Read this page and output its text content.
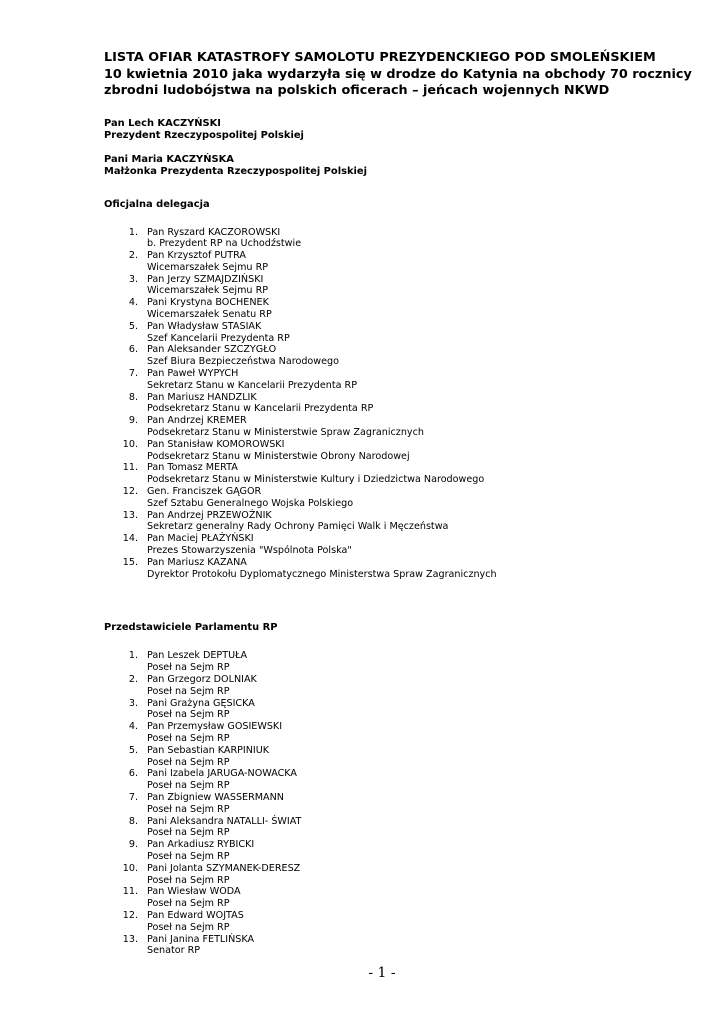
LISTA OFIAR KATASTROFY SAMOLOTU PREZYDENCKIEGO POD SMOLEŃSKIEM

10 kwietnia 2010 jaka wydarzyła się w drodze do Katynia na obchody 70 rocznicy

zbrodni ludobójstwa na polskich oficerach – jeńcach wojennych NKWD

Pan Lech KACZYŃSKI

Prezydent Rzeczypospolitej Polskiej

Pani Maria KACZYŃSKA

Małżonka Prezydenta Rzeczypospolitej Polskiej

Oficjalna delegacja

1. Pan Ryszard KACZOROWSKI
b. Prezydent RP na Uchodźstwie
2. Pan Krzysztof PUTRA
Wicemarszałek Sejmu RP
3. Pan Jerzy SZMAJDZIŃSKI
Wicemarszałek Sejmu RP
4. Pani Krystyna BOCHENEK
Wicemarszałek Senatu RP
5. Pan Władysław STASIAK
Szef Kancelarii Prezydenta RP
6. Pan Aleksander SZCZYGŁO
Szef Biura Bezpieczeństwa Narodowego
7. Pan Paweł WYPYCH
Sekretarz Stanu w Kancelarii Prezydenta RP
8. Pan Mariusz HANDZLIK
Podsekretarz Stanu w Kancelarii Prezydenta RP
9. Pan Andrzej KREMER
Podsekretarz Stanu w Ministerstwie Spraw Zagranicznych
10. Pan Stanisław KOMOROWSKI
Podsekretarz Stanu w Ministerstwie Obrony Narodowej
11. Pan Tomasz MERTA
Podsekretarz Stanu w Ministerstwie Kultury i Dziedzictwa Narodowego
12. Gen. Franciszek GĄGOR
Szef Sztabu Generalnego Wojska Polskiego
13. Pan Andrzej PRZEWOŹNIK
Sekretarz generalny Rady Ochrony Pamięci Walk i Męczeństwa
14. Pan Maciej PŁAŻYŃSKI
Prezes Stowarzyszenia "Wspólnota Polska"
15. Pan Mariusz KAZANA
Dyrektor Protokołu Dyplomatycznego Ministerstwa Spraw Zagranicznych

Przedstawiciele Parlamentu RP

1. Pan Leszek DEPTUŁA
Poseł na Sejm RP
2. Pan Grzegorz DOLNIAK
Poseł na Sejm RP
3. Pani Grażyna GĘSICKA
Poseł na Sejm RP
4. Pan Przemysław GOSIEWSKI
Poseł na Sejm RP
5. Pan Sebastian KARPINIUK
Poseł na Sejm RP
6. Pani Izabela JARUGA-NOWACKA
Poseł na Sejm RP
7. Pan Zbigniew WASSERMANN
Poseł na Sejm RP
8. Pani Aleksandra NATALLI- ŚWIAT
Poseł na Sejm RP
9. Pan Arkadiusz RYBICKI
Poseł na Sejm RP
10. Pani Jolanta SZYMANEK-DERESZ
Poseł na Sejm RP
11. Pan Wiesław WODA
Poseł na Sejm RP
12. Pan Edward WOJTAS
Poseł na Sejm RP
13. Pani Janina FETLIŃSKA
Senator RP
- 1 -
